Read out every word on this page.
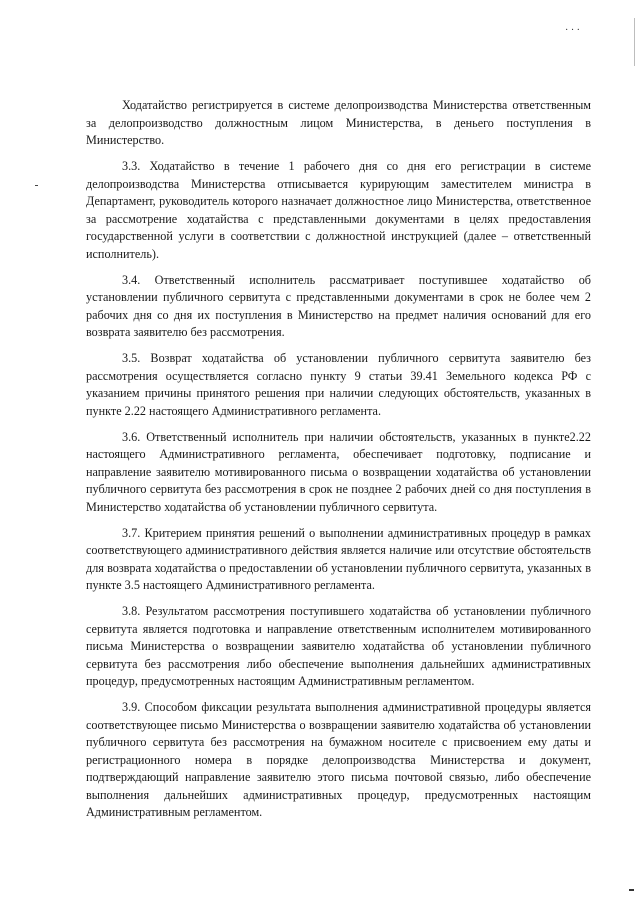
· · ·

Ходатайство регистрируется в системе делопроизводства Министерства ответственным за делопроизводство должностным лицом Министерства, в деньего поступления в Министерство.

3.3. Ходатайство в течение 1 рабочего дня со дня его регистрации в системе делопроизводства Министерства отписывается курирующим заместителем министра в Департамент, руководитель которого назначает должностное лицо Министерства, ответственное за рассмотрение ходатайства с представленными документами в целях предоставления государственной услуги в соответствии с должностной инструкцией (далее – ответственный исполнитель).

3.4. Ответственный исполнитель рассматривает поступившее ходатайство об установлении публичного сервитута с представленными документами в срок не более чем 2 рабочих дня со дня их поступления в Министерство на предмет наличия оснований для его возврата заявителю без рассмотрения.

3.5. Возврат ходатайства об установлении публичного сервитута заявителю без рассмотрения осуществляется согласно пункту 9 статьи 39.41 Земельного кодекса РФ с указанием причины принятого решения при наличии следующих обстоятельств, указанных в пункте 2.22 настоящего Административного регламента.

3.6. Ответственный исполнитель при наличии обстоятельств, указанных в пункте2.22 настоящего Административного регламента, обеспечивает подготовку, подписание и направление заявителю мотивированного письма о возвращении ходатайства об установлении публичного сервитута без рассмотрения в срок не позднее 2 рабочих дней со дня поступления в Министерство ходатайства об установлении публичного сервитута.

3.7. Критерием принятия решений о выполнении административных процедур в рамках соответствующего административного действия является наличие или отсутствие обстоятельств для возврата ходатайства о предоставлении об установлении публичного сервитута, указанных в пункте 3.5 настоящего Административного регламента.

3.8. Результатом рассмотрения поступившего ходатайства об установлении публичного сервитута является подготовка и направление ответственным исполнителем мотивированного письма Министерства о возвращении заявителю ходатайства об установлении публичного сервитута без рассмотрения либо обеспечение выполнения дальнейших административных процедур, предусмотренных настоящим Административным регламентом.

3.9. Способом фиксации результата выполнения административной процедуры является соответствующее письмо Министерства о возвращении заявителю ходатайства об установлении публичного сервитута без рассмотрения на бумажном носителе с присвоением ему даты и регистрационного номера в порядке делопроизводства Министерства и документ, подтверждающий направление заявителю этого письма почтовой связью, либо обеспечение выполнения дальнейших административных процедур, предусмотренных настоящим Административным регламентом.
